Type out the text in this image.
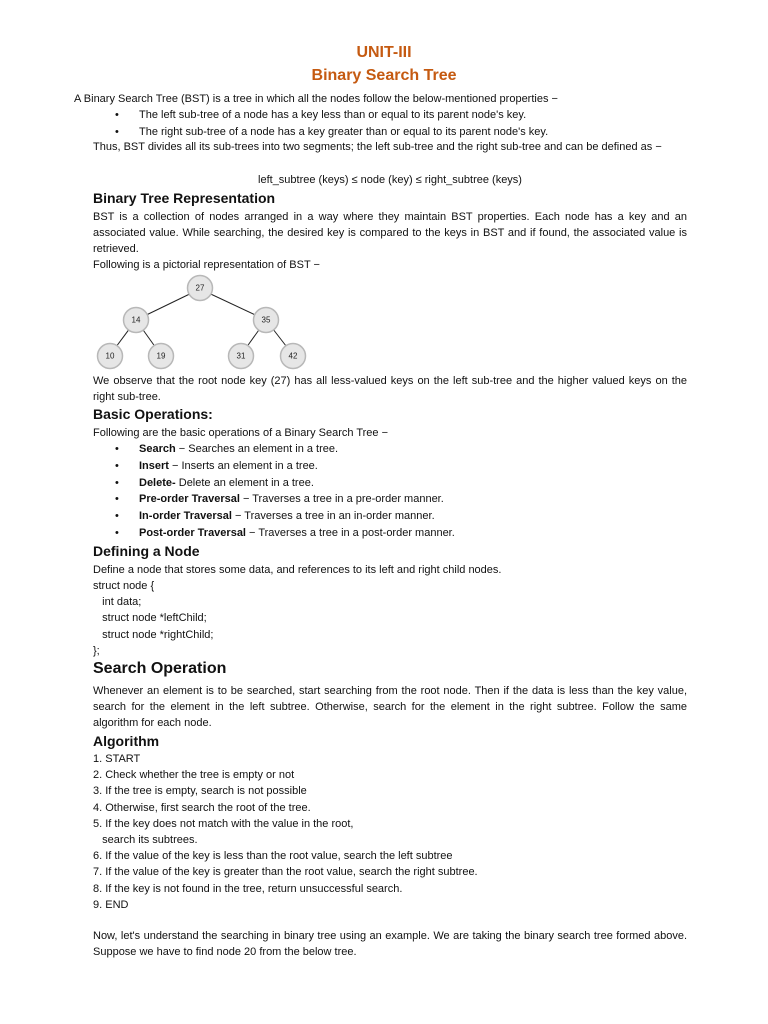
UNIT-III
Binary Search Tree
A Binary Search Tree (BST) is a tree in which all the nodes follow the below-mentioned properties −
• The left sub-tree of a node has a key less than or equal to its parent node's key.
• The right sub-tree of a node has a key greater than or equal to its parent node's key.
Thus, BST divides all its sub-trees into two segments; the left sub-tree and the right sub-tree and can be defined as −
left_subtree (keys) ≤ node (key) ≤ right_subtree (keys)
Binary Tree Representation
BST is a collection of nodes arranged in a way where they maintain BST properties. Each node has a key and an associated value. While searching, the desired key is compared to the keys in BST and if found, the associated value is retrieved.
Following is a pictorial representation of BST −
27
14	35
10	19	31	42
We observe that the root node key (27) has all less-valued keys on the left sub-tree and the higher valued keys on the right sub-tree.
Basic Operations:
Following are the basic operations of a Binary Search Tree −
• Search − Searches an element in a tree.
• Insert − Inserts an element in a tree.
• Delete- Delete an element in a tree.
• Pre-order Traversal − Traverses a tree in a pre-order manner.
• In-order Traversal − Traverses a tree in an in-order manner.
• Post-order Traversal − Traverses a tree in a post-order manner.
Defining a Node
Define a node that stores some data, and references to its left and right child nodes.
struct node {
int data;
struct node *leftChild;
struct node *rightChild;
};
Search Operation
Whenever an element is to be searched, start searching from the root node. Then if the data is less than the key value, search for the element in the left subtree. Otherwise, search for the element in the right subtree. Follow the same algorithm for each node.
Algorithm
1. START
2. Check whether the tree is empty or not
3. If the tree is empty, search is not possible
4. Otherwise, first search the root of the tree.
5. If the key does not match with the value in the root,
search its subtrees.
6. If the value of the key is less than the root value, search the left subtree
7. If the value of the key is greater than the root value, search the right subtree.
8. If the key is not found in the tree, return unsuccessful search.
9. END
Now, let's understand the searching in binary tree using an example. We are taking the binary search tree formed above. Suppose we have to find node 20 from the below tree.
